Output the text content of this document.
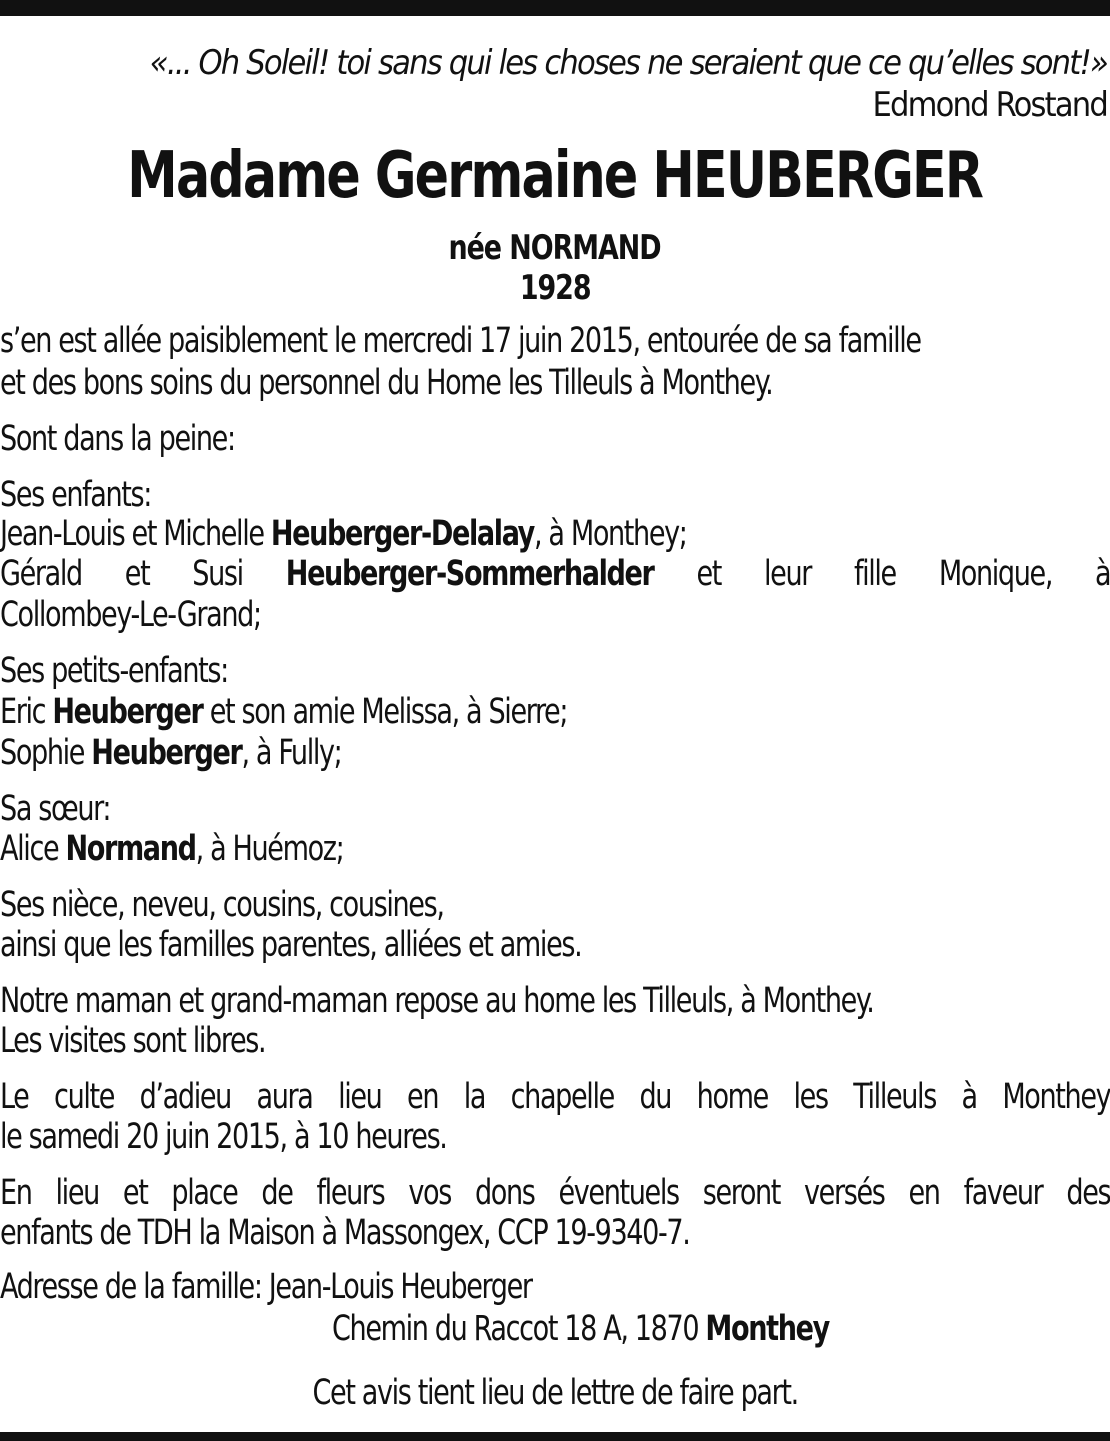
«... Oh Soleil! toi sans qui les choses ne seraient que ce qu’elles sont!»
Edmond Rostand
Madame Germaine HEUBERGER
née NORMAND
1928
s’en est allée paisiblement le mercredi 17 juin 2015, entourée de sa famille
et des bons soins du personnel du Home les Tilleuls à Monthey.
Sont dans la peine:
Ses enfants:
Jean-Louis et Michelle Heuberger-Delalay, à Monthey;
Gérald et Susi Heuberger-Sommerhalder et leur fille Monique, à
Collombey-Le-Grand;
Ses petits-enfants:
Eric Heuberger et son amie Melissa, à Sierre;
Sophie Heuberger, à Fully;
Sa sœur:
Alice Normand, à Huémoz;
Ses nièce, neveu, cousins, cousines,
ainsi que les familles parentes, alliées et amies.
Notre maman et grand-maman repose au home les Tilleuls, à Monthey.
Les visites sont libres.
Le culte d’adieu aura lieu en la chapelle du home les Tilleuls à Monthey
le samedi 20 juin 2015, à 10 heures.
En lieu et place de fleurs vos dons éventuels seront versés en faveur des
enfants de TDH la Maison à Massongex, CCP 19-9340-7.
Adresse de la famille: Jean-Louis Heuberger
Chemin du Raccot 18 A, 1870 Monthey
Cet avis tient lieu de lettre de faire part.
